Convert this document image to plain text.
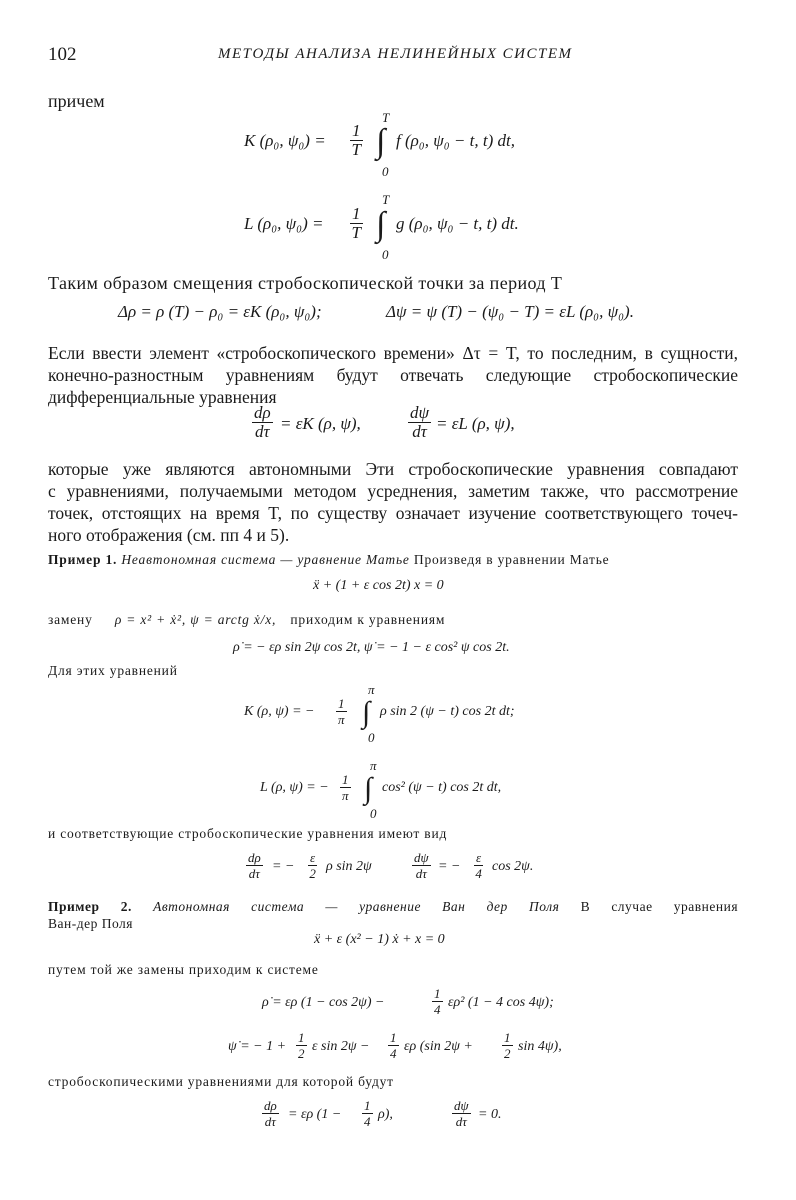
102	МЕТОДЫ АНАЛИЗА НЕЛИНЕЙНЫХ СИСТЕМ
причем
K (ρ₀, $\psi_0) = \frac{1}{T}$
T
∫
0
f (ρ₀, ψ₀ − t, t) dt,
L (ρ₀, $\psi_0) = \frac{1}{T}$
T
∫
0
g (ρ₀, ψ₀ − t, t) dt.
Таким образом смещения стробоскопической точки за период T
Δρ = ρ (T) − ρ₀ = εK (ρ₀, ψ₀);	Δψ = ψ (T) − (ψ₀ − T) = εL (ρ₀, ψ₀).
Если ввести элемент «стробоскопического времени» Δτ = T, то последним, в сущности,
конечно-разностным уравнениям будут отвечать следующие стробоскопические
дифференциальные уравнения
$\frac{d\rho}{d\tau} = \varepsilon K$ (ρ, ψ),	$\frac{d\psi}{d\tau} = \varepsilon L$ (ρ, ψ),
которые уже являются автономными Эти стробоскопические уравнения совпадают
с уравнениями, получаемыми методом усреднения, заметим также, что рассмотрение
точек, отстоящих на время T, по существу означает изучение соответствующего точеч-
ного отображения (см. пп 4 и 5).
Пример 1. Неавтономная система — уравнение Матье Произведя в уравнении Матье
ẍ + (1 + ε cos 2t) x = 0
замену ρ = x² + ẋ², ψ = arctg ẋ/x, приходим к уравнениям
ρ̇ = − ερ sin 2ψ cos 2t, ψ̇ = − 1 − ε cos² ψ cos 2t.
Для этих уравнений
K (ρ, ψ) = − $\frac{1}{\pi}$
π
∫
0
ρ sin 2 (ψ − t) cos 2t dt;
L (ρ, ψ) = − $\frac{1}{\pi}$
π
∫
0
cos² (ψ − t) cos 2t dt,
и соответствующие стробоскопические уравнения имеют вид
$\frac{d\rho}{d\tau}$ = − $\frac{\varepsilon}{2}$ ρ sin 2ψ	$\frac{d\psi}{d\tau}$ = − $\frac{\varepsilon}{4}$ cos 2ψ.
Пример 2. Автономная система — уравнение Ван дер Поля В случае уравнения
Ван-дер Поля
ẍ + ε (x² − 1) ẋ + x = 0
путем той же замены приходим к системе
ρ̇ = ερ (1 − cos 2ψ) −	$\frac{1}{4} \varepsilon\rho^2$ (1 − 4 cos 4ψ);
ψ̇ = − $1 + \frac{1}{2}$ ε $\sin 2\psi - \frac{1}{4}$ ερ (sin $2\psi + \frac{1}{2}$ sin 4ψ),
стробоскопическими уравнениями для которой будут
$\frac{d\rho}{d\tau} = \varepsilon\rho$ $(1 - \frac{1}{4} \rho)$,	$\frac{d\psi}{d\tau} = 0$.
